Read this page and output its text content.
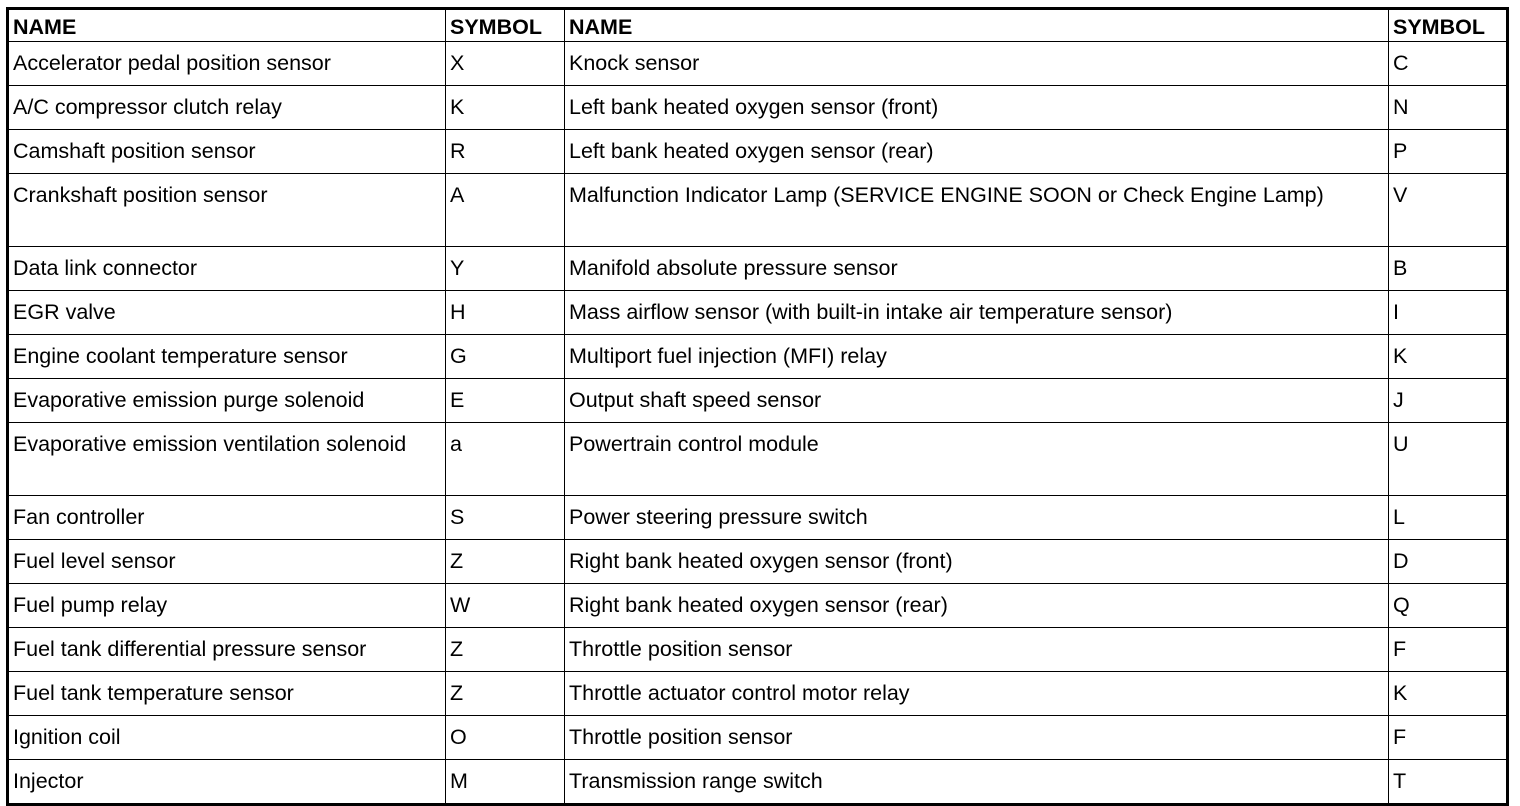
NAME	SYMBOL	NAME	SYMBOL
Accelerator pedal position sensor	X	Knock sensor	C
A/C compressor clutch relay	K	Left bank heated oxygen sensor (front)	N
Camshaft position sensor	R	Left bank heated oxygen sensor (rear)	P
Crankshaft position sensor	A	Malfunction Indicator Lamp (SERVICE ENGINE SOON or Check Engine Lamp)	V
Data link connector	Y	Manifold absolute pressure sensor	B
EGR valve	H	Mass airflow sensor (with built-in intake air temperature sensor)	I
Engine coolant temperature sensor	G	Multiport fuel injection (MFI) relay	K
Evaporative emission purge solenoid	E	Output shaft speed sensor	J
Evaporative emission ventilation solenoid	a	Powertrain control module	U
Fan controller	S	Power steering pressure switch	L
Fuel level sensor	Z	Right bank heated oxygen sensor (front)	D
Fuel pump relay	W	Right bank heated oxygen sensor (rear)	Q
Fuel tank differential pressure sensor	Z	Throttle position sensor	F
Fuel tank temperature sensor	Z	Throttle actuator control motor relay	K
Ignition coil	O	Throttle position sensor	F
Injector	M	Transmission range switch	T
